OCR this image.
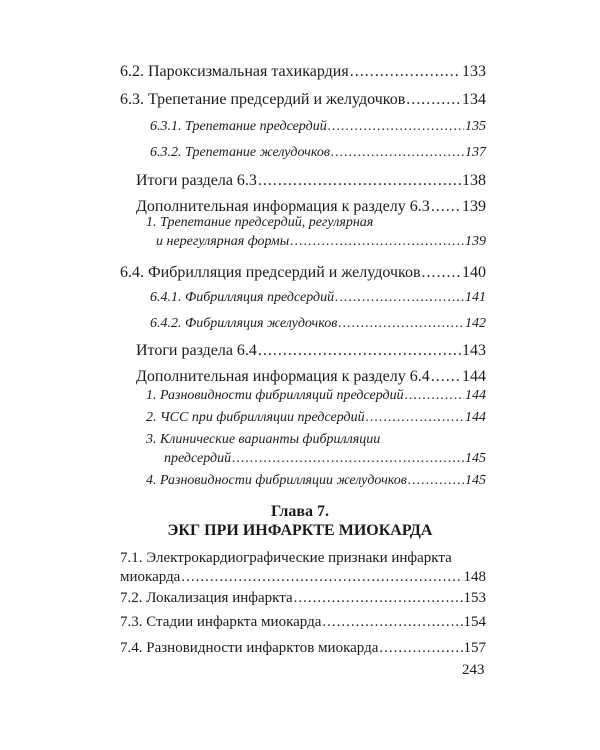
6.2. Пароксизмальная тахикардия .....	133
6.3. Трепетание предсердий и желудочков .....	134
6.3.1. Трепетание предсердий .....	135
6.3.2. Трепетание желудочков .....	137
Итоги раздела 6.3 .....	138
Дополнительная информация к разделу 6.3 ..... 139
1. Трепетание предсердий, регулярная
и нерегулярная формы .....	139
6.4. Фибрилляция предсердий и желудочков .....	140
6.4.1. Фибрилляция предсердий .....	141
6.4.2. Фибрилляция желудочков .....	142
Итоги раздела 6.4 .....	143
Дополнительная информация к разделу 6.4 ..... 144
1. Разновидности фибрилляций предсердий .....	144
2. ЧСС при фибрилляции предсердий .....	144
3. Клинические варианты фибрилляции
предсердий .....	145
4. Разновидности фибрилляции желудочков .....	145
Глава 7.
ЭКГ ПРИ ИНФАРКТЕ МИОКАРДА
7.1. Электрокардиографические признаки инфаркта
миокарда .....	148
7.2. Локализация инфаркта .....	153
7.3. Стадии инфаркта миокарда .....	154
7.4. Разновидности инфарктов миокарда .....	157
243
